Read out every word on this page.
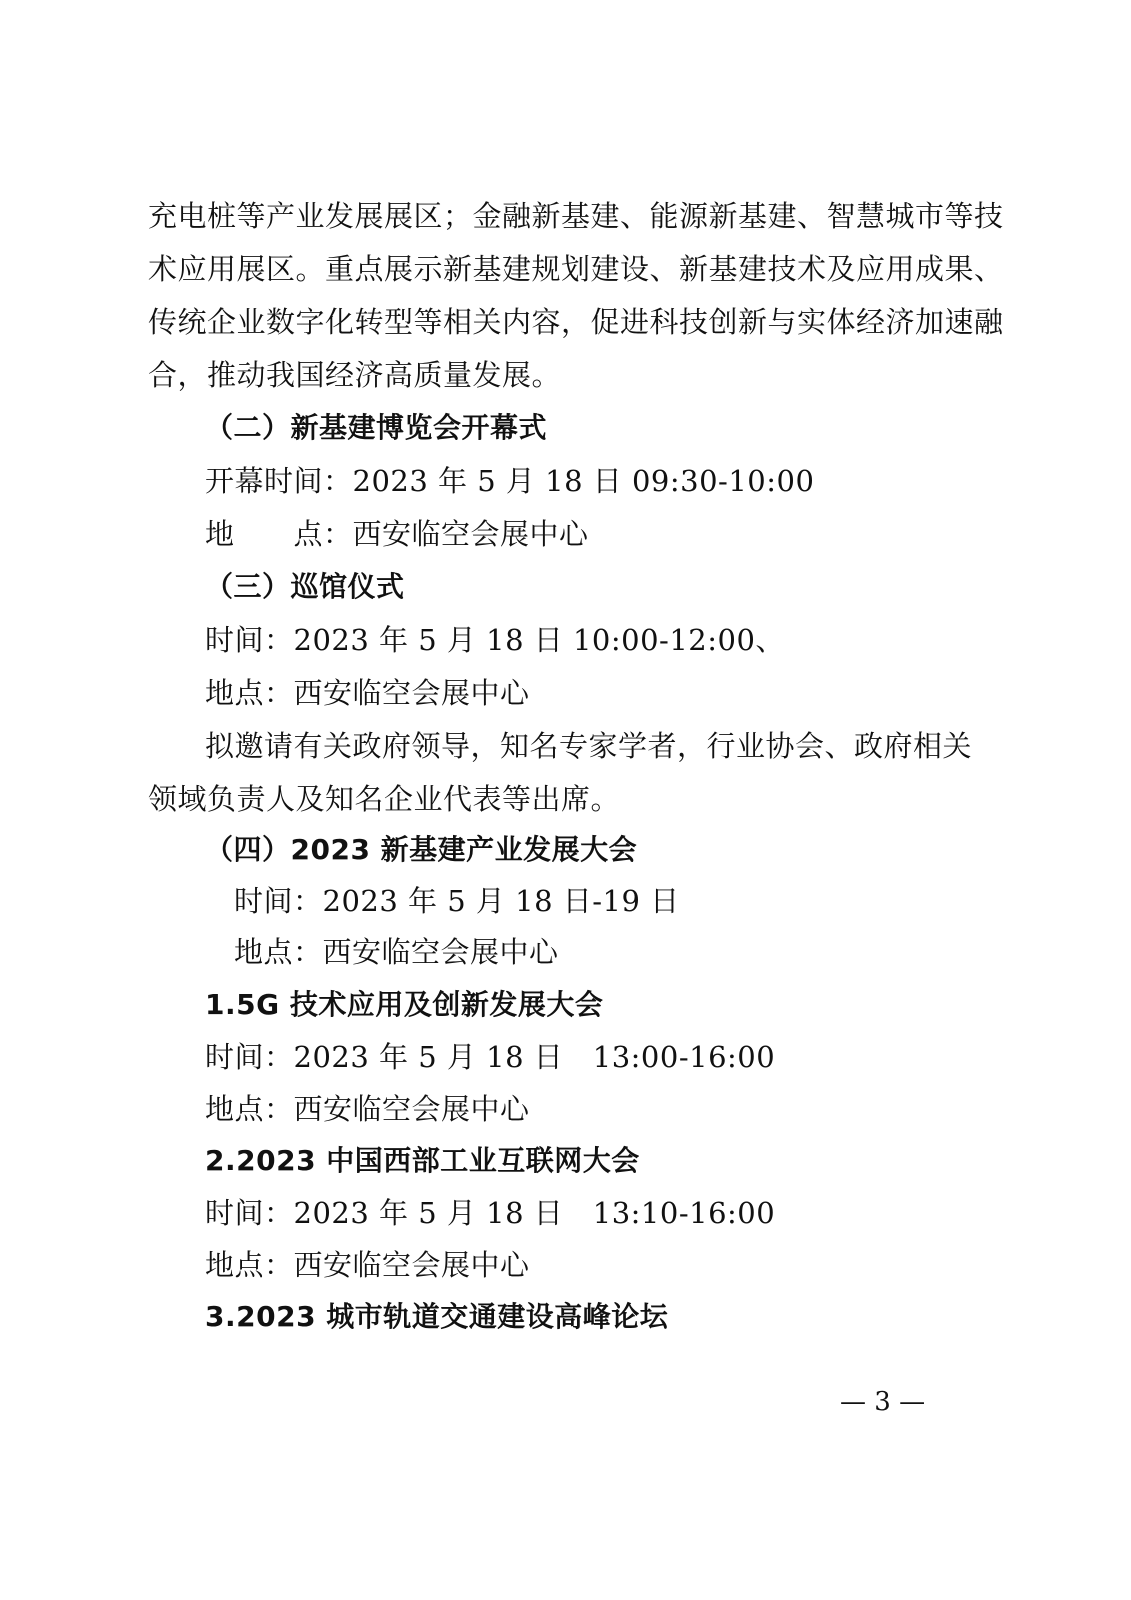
充电桩等产业发展展区；金融新基建、能源新基建、智慧城市等技
术应用展区。重点展示新基建规划建设、新基建技术及应用成果、
传统企业数字化转型等相关内容，促进科技创新与实体经济加速融
合，推动我国经济高质量发展。
（二）新基建博览会开幕式
开幕时间：2023 年 5 月 18 日 09:30-10:00
地　　点：西安临空会展中心
（三）巡馆仪式
时间：2023 年 5 月 18 日 10:00-12:00、
地点：西安临空会展中心
拟邀请有关政府领导，知名专家学者，行业协会、政府相关
领域负责人及知名企业代表等出席。
（四）2023 新基建产业发展大会
时间：2023 年 5 月 18 日-19 日
地点：西安临空会展中心
1.5G 技术应用及创新发展大会
时间：2023 年 5 月 18 日　13:00-16:00
地点：西安临空会展中心
2.2023 中国西部工业互联网大会
时间：2023 年 5 月 18 日　13:10-16:00
地点：西安临空会展中心
3.2023 城市轨道交通建设高峰论坛
— 3 —
